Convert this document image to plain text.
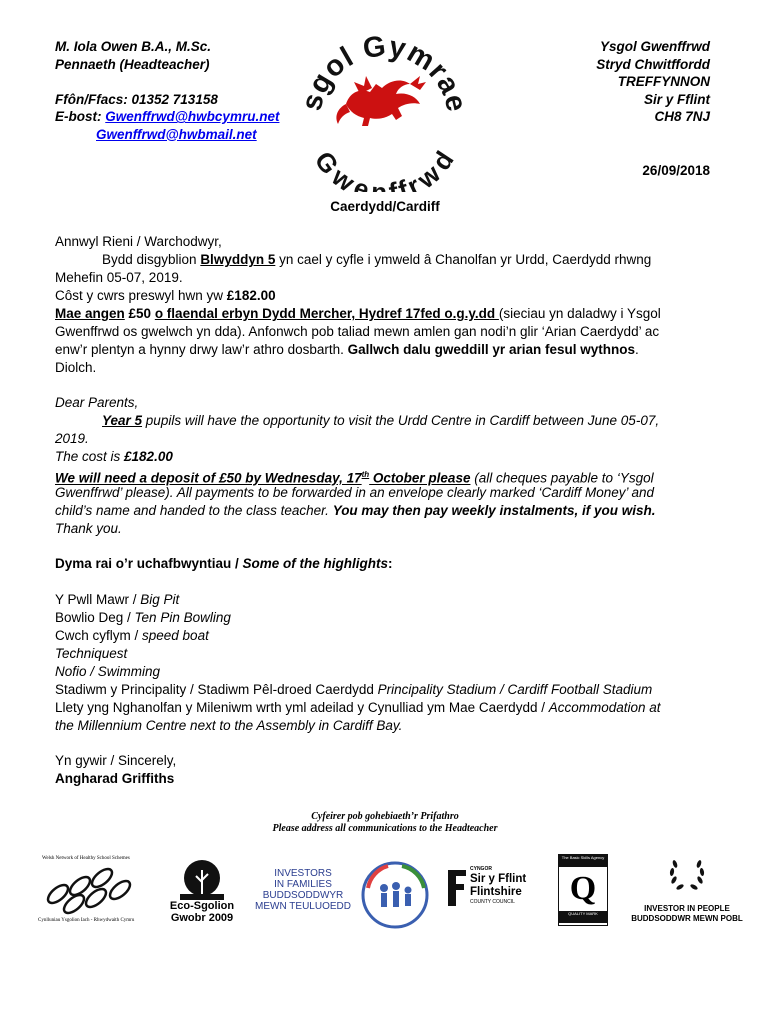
M. Iola Owen B.A., M.Sc.
Pennaeth (Headteacher)
Ffôn/Ffacs: 01352 713158
E-bost: Gwenffrwd@hwbcymru.net
Gwenffrwd@hwbmail.net
sgol Gymra
Gwe ffrwd
Ysgol Gwenffrwd
Stryd Chwitffordd
TREFFYNNON
Sir y Fflint
CH8 7NJ
26/09/2018
Caerdydd/Cardiff
Annwyl Rieni / Warchodwyr,
Bydd disgyblion Blwyddyn 5 yn cael y cyfle i ymweld â Chanolfan yr Urdd, Caerdydd rhwng
Mehefin 05-07, 2019.
Côst y cwrs preswyl hwn yw £182.00
Mae angen £50 o flaendal erbyn Dydd Mercher, Hydref 17fed o.g.y.dd (sieciau yn daladwy i Ysgol
Gwenffrwd os gwelwch yn dda). Anfonwch pob taliad mewn amlen gan nodi’n glir ‘Arian Caerdydd’ ac
enw’r plentyn a hynny drwy law’r athro dosbarth. Gallwch dalu gweddill yr arian fesul wythnos.
Diolch.
Dear Parents,
Year 5 pupils will have the opportunity to visit the Urdd Centre in Cardiff between June 05-07,
2019.
The cost is £182.00
We will need a deposit of £50 by Wednesday, 17th October please (all cheques payable to ‘Ysgol
Gwenffrwd’ please). All payments to be forwarded in an envelope clearly marked ‘Cardiff Money’ and
child’s name and handed to the class teacher. You may then pay weekly instalments, if you wish.
Thank you.
Dyma rai o’r uchafbwyntiau / Some of the highlights:
Y Pwll Mawr / Big Pit
Bowlio Deg / Ten Pin Bowling
Cwch cyflym / speed boat
Techniquest
Nofio / Swimming
Stadiwm y Principality / Stadiwm Pêl-droed Caerdydd Principality Stadium / Cardiff Football Stadium
Llety yng Nghanolfan y Mileniwm wrth yml adeilad y Cynulliad ym Mae Caerdydd / Accommodation at
the Millennium Centre next to the Assembly in Cardiff Bay.
Yn gywir / Sincerely,
Angharad Griffiths
Cyfeirer pob gohebiaeth’r Prifathro
Please address all communications to the Headteacher
Welsh Network of Healthy School Schemes
Cynlluniau Ysgolion Iach - Rhwydwaith Cymru
Eco-Sgolion
Gwobr 2009
INVESTORS
IN FAMILIES
BUDDSODDWYR
MEWN TEULUOEDD
CYNGOR
Sir y Fflint
Flintshire
COUNTY COUNCIL
The Basic Skills Agency
Q
QUALITY MARK
INVESTOR IN PEOPLE
BUDDSODDWR MEWN POBL
